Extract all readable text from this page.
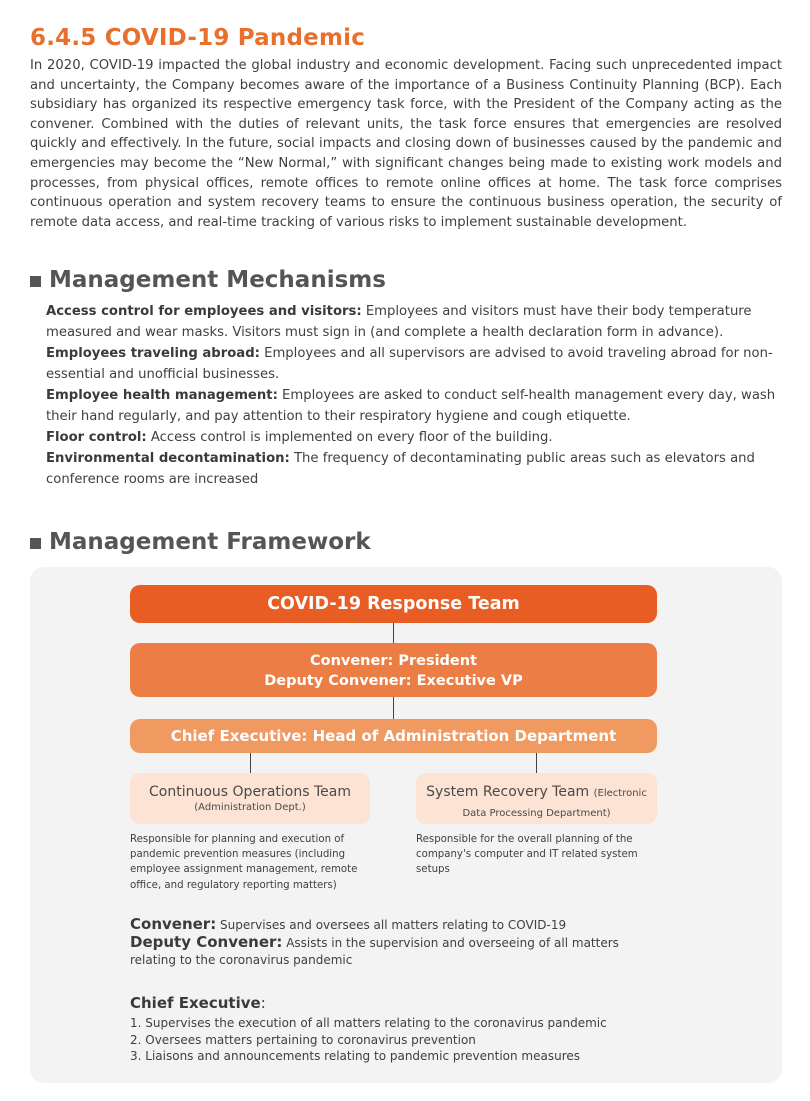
6.4.5 COVID-19 Pandemic

In 2020, COVID-19 impacted the global industry and economic development. Facing such unprecedented impact and uncertainty, the Company becomes aware of the importance of a Business Continuity Planning (BCP). Each subsidiary has organized its respective emergency task force, with the President of the Company acting as the convener. Combined with the duties of relevant units, the task force ensures that emergencies are resolved quickly and effectively. In the future, social impacts and closing down of businesses caused by the pandemic and emergencies may become the “New Normal,” with significant changes being made to existing work models and processes, from physical offices, remote offices to remote online offices at home. The task force comprises continuous operation and system recovery teams to ensure the continuous business operation, the security of remote data access, and real-time tracking of various risks to implement sustainable development.

Management Mechanisms

Access control for employees and visitors: Employees and visitors must have their body temperature measured and wear masks. Visitors must sign in (and complete a health declaration form in advance).

Employees traveling abroad: Employees and all supervisors are advised to avoid traveling abroad for non-essential and unofficial businesses.

Employee health management: Employees are asked to conduct self-health management every day, wash their hand regularly, and pay attention to their respiratory hygiene and cough etiquette.

Floor control: Access control is implemented on every floor of the building.

Environmental decontamination: The frequency of decontaminating public areas such as elevators and conference rooms are increased

Management Framework
COVID-19 Response Team
Convener: President
Deputy Convener: Executive VP
Chief Executive: Head of Administration Department
Continuous Operations Team
(Administration Dept.)
System Recovery Team (Electronic Data Processing Department)

Responsible for planning and execution of pandemic prevention measures (including employee assignment management, remote office, and regulatory reporting matters)

Responsible for the overall planning of the company's computer and IT related system setups

Convener: Supervises and oversees all matters relating to COVID-19

Deputy Convener: Assists in the supervision and overseeing of all matters relating to the coronavirus pandemic

Chief Executive:
1. Supervises the execution of all matters relating to the coronavirus pandemic
2. Oversees matters pertaining to coronavirus prevention
3. Liaisons and announcements relating to pandemic prevention measures
